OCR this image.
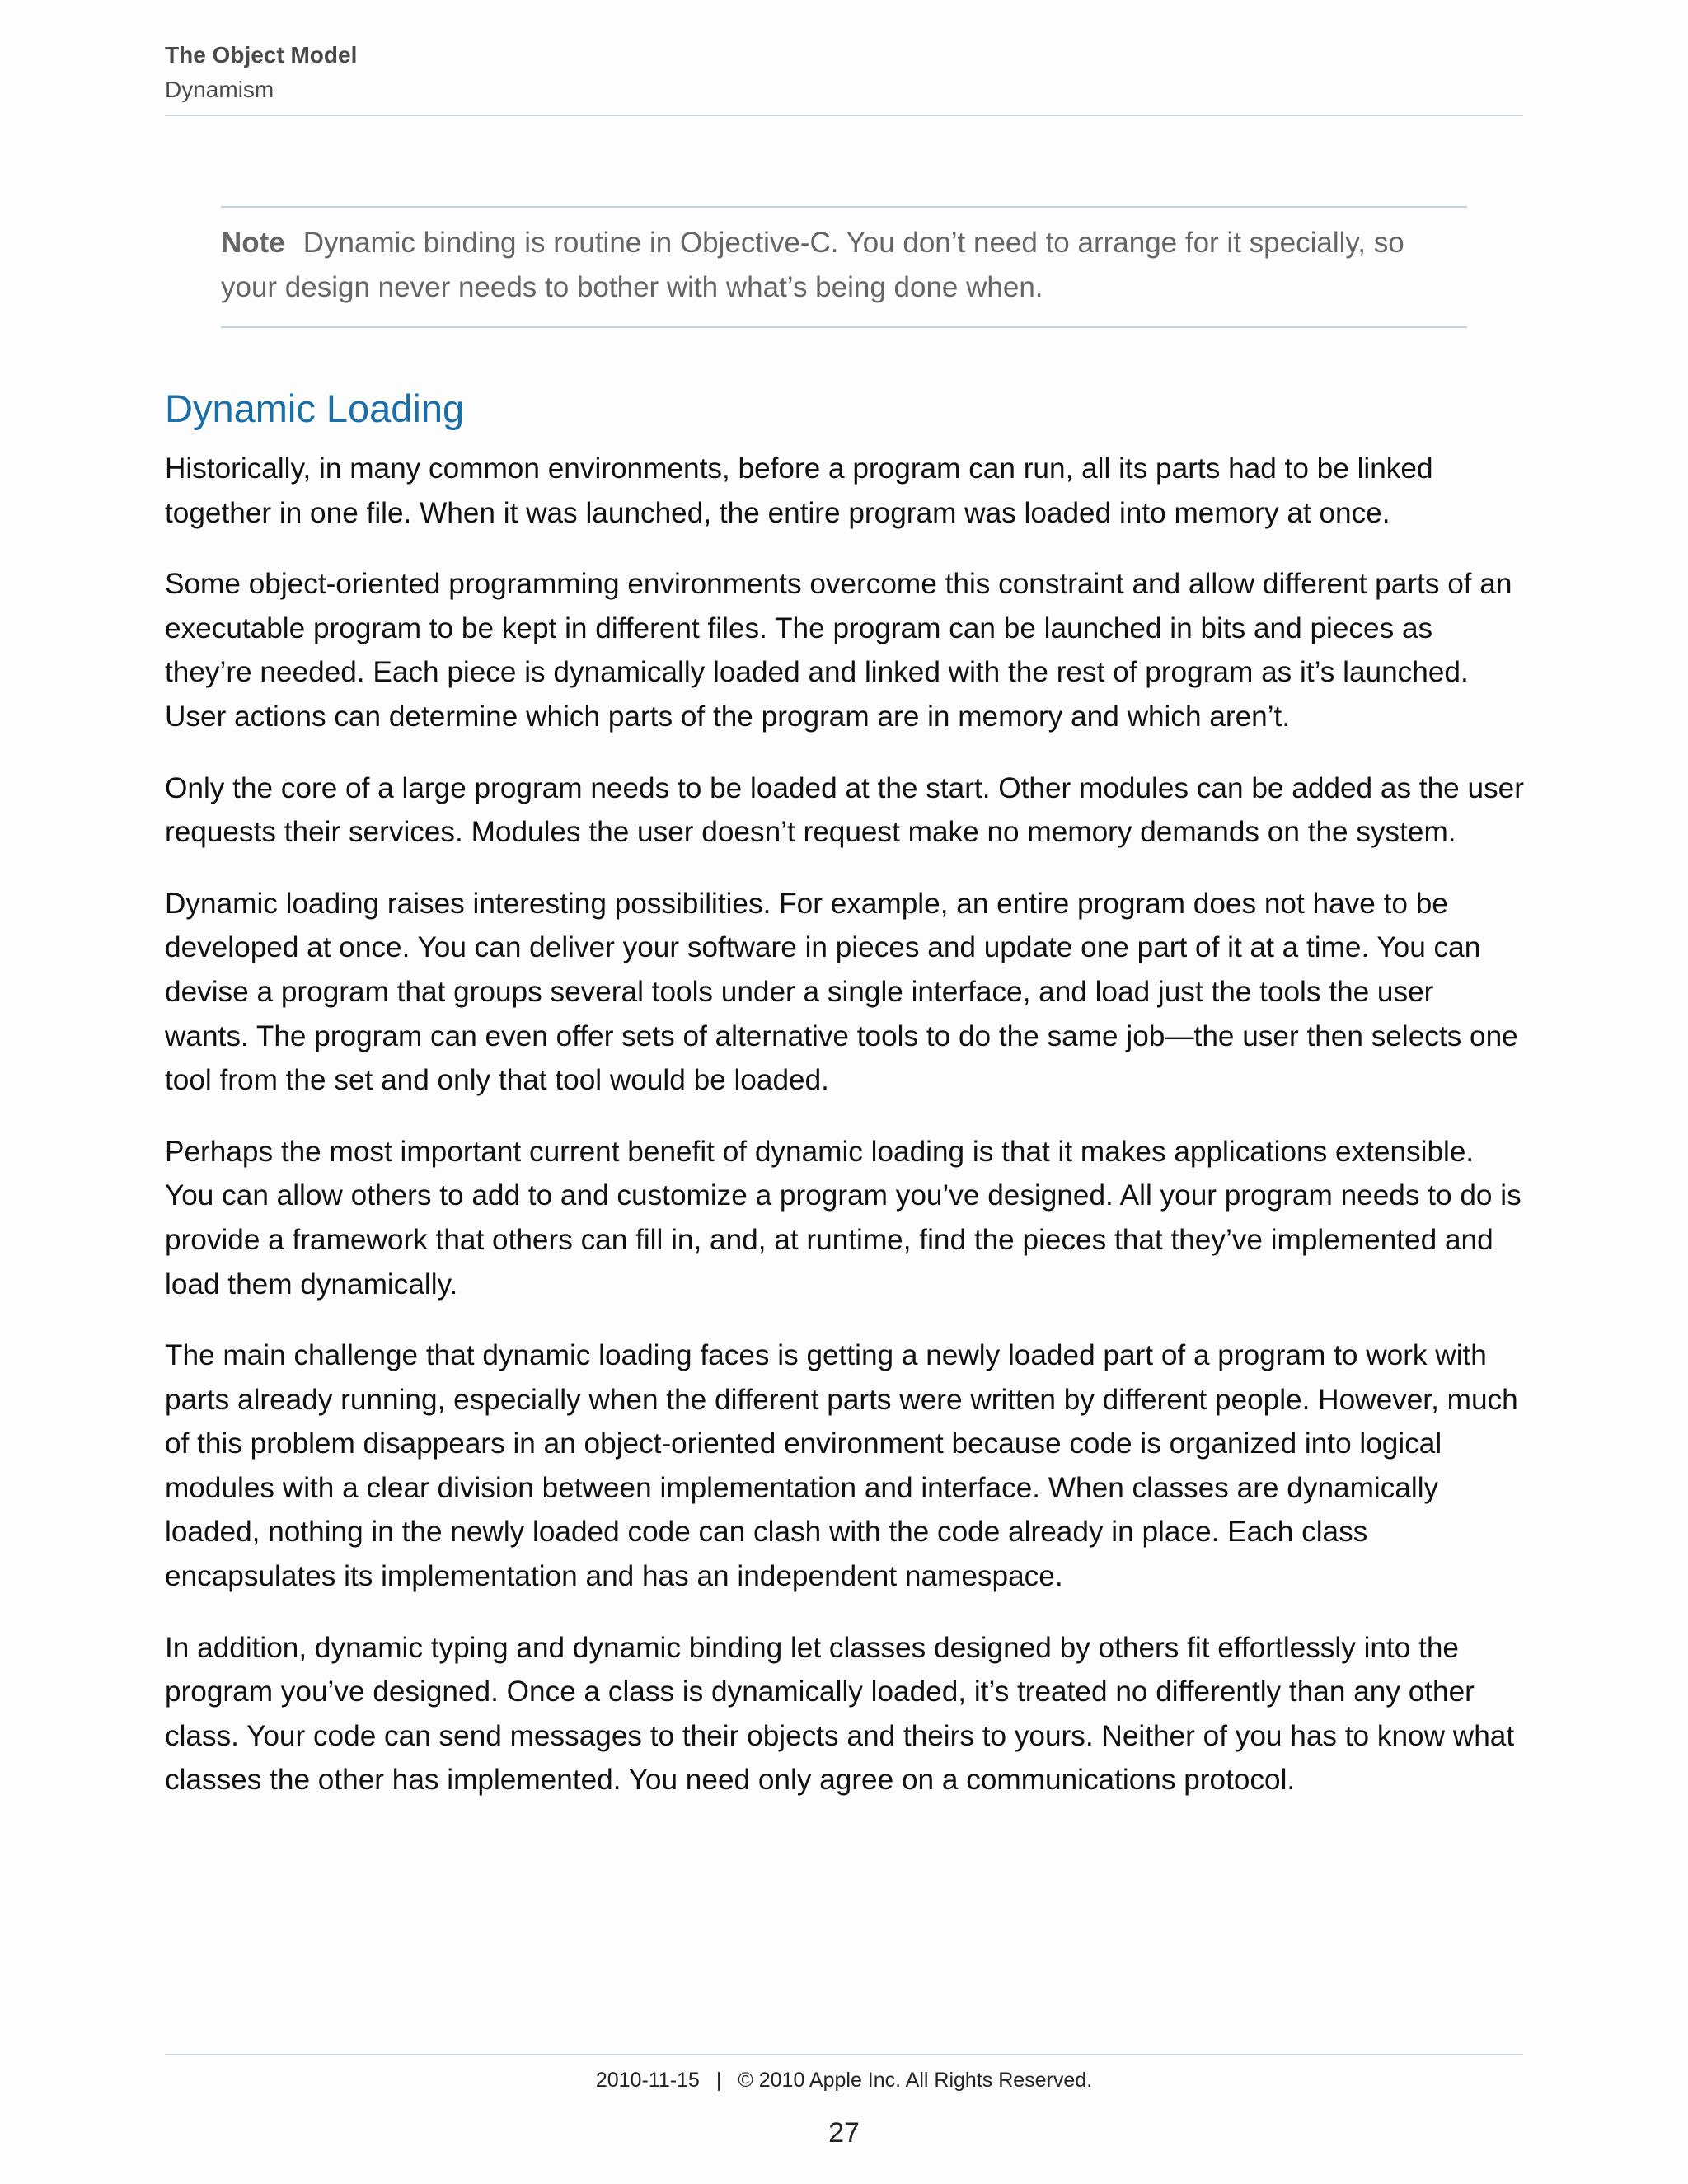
The Object Model
Dynamism

Note Dynamic binding is routine in Objective-C. You don’t need to arrange for it specially, so your design never needs to bother with what’s being done when.

Dynamic Loading

Historically, in many common environments, before a program can run, all its parts had to be linked together in one file. When it was launched, the entire program was loaded into memory at once.

Some object-oriented programming environments overcome this constraint and allow different parts of an executable program to be kept in different files. The program can be launched in bits and pieces as they’re needed. Each piece is dynamically loaded and linked with the rest of program as it’s launched. User actions can determine which parts of the program are in memory and which aren’t.

Only the core of a large program needs to be loaded at the start. Other modules can be added as the user requests their services. Modules the user doesn’t request make no memory demands on the system.

Dynamic loading raises interesting possibilities. For example, an entire program does not have to be developed at once. You can deliver your software in pieces and update one part of it at a time. You can devise a program that groups several tools under a single interface, and load just the tools the user wants. The program can even offer sets of alternative tools to do the same job—the user then selects one tool from the set and only that tool would be loaded.

Perhaps the most important current benefit of dynamic loading is that it makes applications extensible. You can allow others to add to and customize a program you’ve designed. All your program needs to do is provide a framework that others can fill in, and, at runtime, find the pieces that they’ve implemented and load them dynamically.

The main challenge that dynamic loading faces is getting a newly loaded part of a program to work with parts already running, especially when the different parts were written by different people. However, much of this problem disappears in an object-oriented environment because code is organized into logical modules with a clear division between implementation and interface. When classes are dynamically loaded, nothing in the newly loaded code can clash with the code already in place. Each class encapsulates its implementation and has an independent namespace.

In addition, dynamic typing and dynamic binding let classes designed by others fit effortlessly into the program you’ve designed. Once a class is dynamically loaded, it’s treated no differently than any other class. Your code can send messages to their objects and theirs to yours. Neither of you has to know what classes the other has implemented. You need only agree on a communications protocol.

2010-11-15 | © 2010 Apple Inc. All Rights Reserved.
27
